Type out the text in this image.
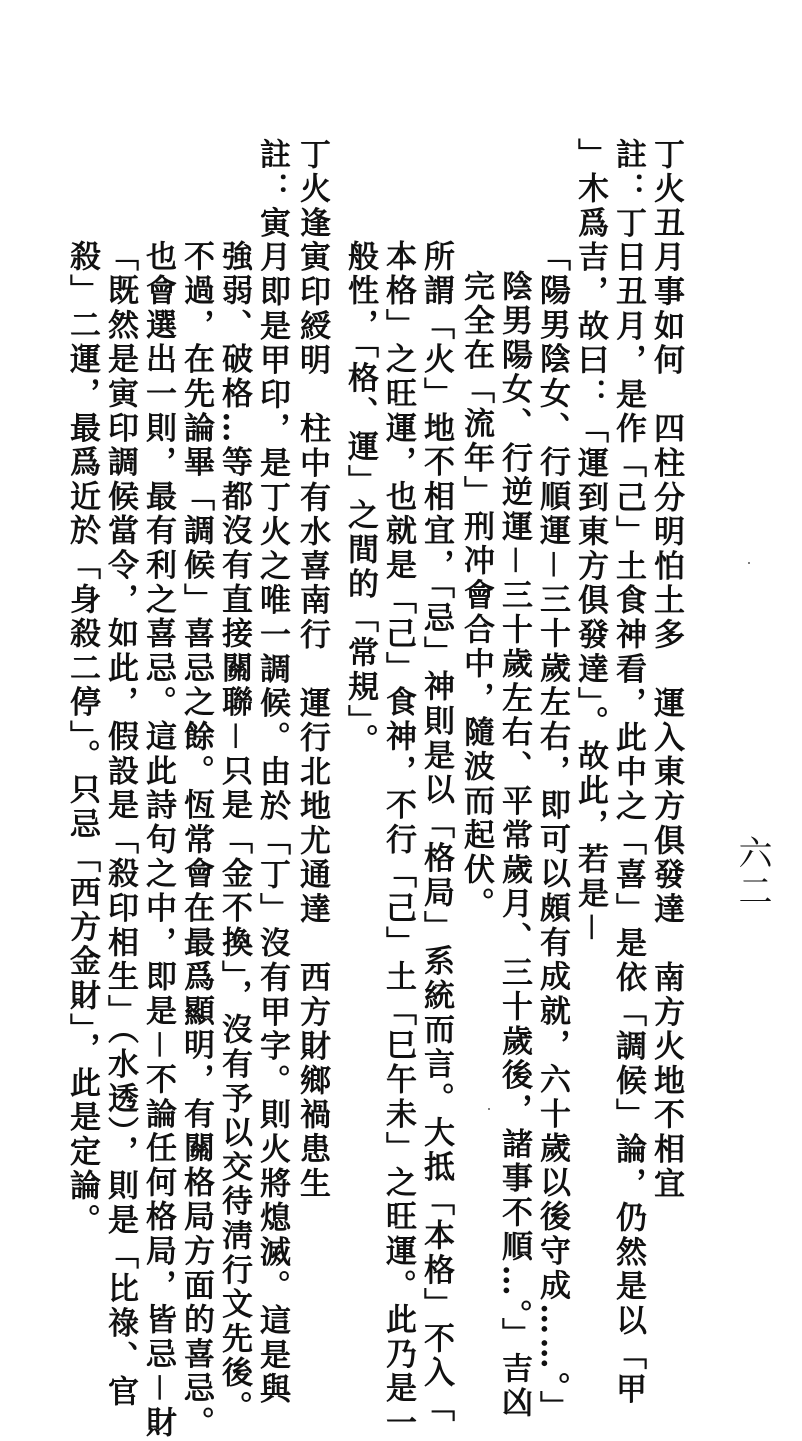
六二
丁火丑月事如何　四柱分明怕土多　運入東方俱發達　南方火地不相宜
註：丁日丑月，是作「己」土食神看，此中之「喜」是依「調候」論，仍然是以「甲
」木爲吉，故曰：「運到東方俱發達」。故此，若是－
「陽男陰女、行順運－三十歲左右，即可以頗有成就，六十歲以後守成……。」
陰男陽女、行逆運－三十歲左右、平常歲月、三十歲後，諸事不順…。」吉凶
完全在「流年」刑冲會合中，隨波而起伏。
所謂「火」地不相宜，「忌」神則是以「格局」系統而言。大抵「本格」不入「
本格」之旺運，也就是「己」食神，不行「己」土「巳午未」之旺運。此乃是一
般性，「格、運」之間的「常規」。
丁火逢寅印綬明　柱中有水喜南行　運行北地尤通達　西方財鄉禍患生
註：寅月即是甲印，是丁火之唯一調候。由於「丁」沒有甲字。則火將熄滅。這是與
強弱、破格…等都沒有直接關聯－只是「金不換」，沒有予以交待淸行文先後。
不過，在先論畢「調候」喜忌之餘。恆常會在最爲顯明，有關格局方面的喜忌。
也會選出一則，最有利之喜忌。這此詩句之中，即是－不論任何格局，皆忌－財
「既然是寅印調候當令，如此，假設是「殺印相生」（水透），則是「比祿、官
殺」二運，最爲近於「身殺二停」。只忌「西方金財」，此是定論。
